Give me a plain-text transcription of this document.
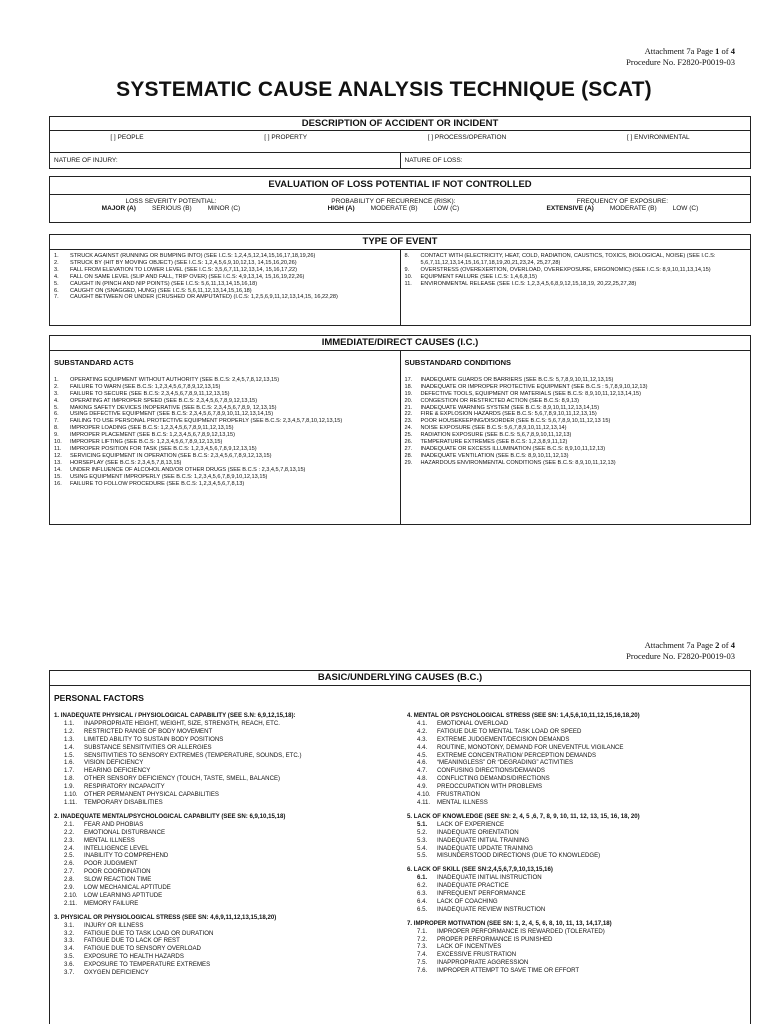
Attachment 7a Page 1 of 4
Procedure No. F2820-P0019-03
SYSTEMATIC CAUSE ANALYSIS TECHNIQUE (SCAT)
DESCRIPTION OF ACCIDENT OR INCIDENT
[ ] PEOPLE	[ ] PROPERTY	[ ] PROCESS/OPERATION	[ ] ENVIRONMENTAL
NATURE OF INJURY:	NATURE OF LOSS:
EVALUATION OF LOSS POTENTIAL IF NOT CONTROLLED
LOSS SEVERITY POTENTIAL:
MAJOR (A) SERIOUS (B) MINOR (C)
PROBABILITY OF RECURRENCE (RISK):
HIGH (A) MODERATE (B) LOW (C)
FREQUENCY OF EXPOSURE:
EXTENSIVE (A) MODERATE (B) LOW (C)
TYPE OF EVENT
1.	STRUCK AGAINST (RUNNING OR BUMPING INTO) (SEE I.C.S: 1,2,4,5,12,14,15,16,17,18,19,26)
2.	STRUCK BY (HIT BY MOVING OBJECT) (SEE I.C.S: 1,2,4,5,6,9,10,12,13, 14,15,16,20,26)
3.	FALL FROM ELEVATION TO LOWER LEVEL (SEE I.C.S: 3,5,6,7,11,12,13,14, 15,16,17,22)
4.	FALL ON SAME LEVEL (SLIP AND FALL, TRIP OVER) (SEE I.C.S: 4,9,13,14, 15,16,19,22,26)
5.	CAUGHT IN (PINCH AND NIP POINTS) (SEE I.C.S: 5,6,11,13,14,15,16,18)
6.	CAUGHT ON (SNAGGED, HUNG) (SEE I.C.S: 5,6,11,12,13,14,15,16,18)
7.	CAUGHT BETWEEN OR UNDER (CRUSHED OR AMPUTATED) (I.C.S: 1,2,5,6,9,11,12,13,14,15, 16,22,28)
8.	CONTACT WITH (ELECTRICITY, HEAT, COLD, RADIATION, CAUSTICS, TOXICS, BIOLOGICAL, NOISE) (SEE I.C.S: 5,6,7,11,12,13,14,15,16,17,18,19,20,21,23,24, 25,27,28)
9.	OVERSTRESS (OVEREXERTION, OVERLOAD, OVEREXPOSURE, ERGONOMIC) (SEE I.C.S: 8,9,10,11,13,14,15)
10.	EQUIPMENT FAILURE (SEE I.C.S: 1,4,6,8,15)
11.	ENVIRONMENTAL RELEASE (SEE I.C.S: 1,2,3,4,5,6,8,9,12,15,18,19, 20,22,25,27,28)
IMMEDIATE/DIRECT CAUSES (I.C.)
SUBSTANDARD ACTS
1.	OPERATING EQUIPMENT WITHOUT AUTHORITY (SEE B.C.S: 2,4,5,7,8,12,13,15)
2.	FAILURE TO WARN (SEE B.C.S: 1,2,3,4,5,6,7,8,9,12,13,15)
3.	FAILURE TO SECURE (SEE B.C.S: 2,3,4,5,6,7,8,9,11,12,13,15)
4.	OPERATING AT IMPROPER SPEED (SEE B.C.S: 2,3,4,5,6,7,8,9,12,13,15)
5.	MAKING SAFETY DEVICES INOPERATIVE (SEE B.C.S: 2,3,4,5,6,7,8,9, 12,13,15)
6.	USING DEFECTIVE EQUIPMENT (SEE B.C.S: 2,3,4,5,6,7,8,9,10,11,12,13,14,15)
7.	FAILING TO USE PERSONAL PROTECTIVE EQUIPMENT PROPERLY (SEE B.C.S: 2,3,4,5,7,8,10,12,13,15)
8.	IMPROPER LOADING (SEE B.C.S: 1,2,3,4,5,6,7,8,9,11,12,13,15)
9.	IMPROPER PLACEMENT (SEE B.C.S: 1,2,3,4,5,6,7,8,9,12,13,15)
10.	IMPROPER LIFTING (SEE B.C.S: 1,2,3,4,5,6,7,8,9,12,13,15)
11.	IMPROPER POSITION FOR TASK (SEE B.C.S: 1,2,3,4,5,6,7,8,9,12,13,15)
12.	SERVICING EQUIPMENT IN OPERATION (SEE B.C.S: 2,3,4,5,6,7,8,9,12,13,15)
13.	HORSEPLAY (SEE B.C.S: 2,3,4,5,7,8,13,15)
14.	UNDER INFLUENCE OF ALCOHOL AND/OR OTHER DRUGS (SEE B.C.S : 2,3,4,5,7,8,13,15)
15.	USING EQUIPMENT IMPROPERLY (SEE B.C.S: 1,2,3,4,5,6,7,8,9,10,12,13,15)
16.	FAILURE TO FOLLOW PROCEDURE (SEE B.C.S: 1,2,3,4,5,6,7,8,13)
SUBSTANDARD CONDITIONS
17.	INADEQUATE GUARDS OR BARRIERS (SEE B.C.S: 5,7,8,9,10,11,12,13,15)
18.	INADEQUATE OR IMPROPER PROTECTIVE EQUIPMENT (SEE B.C.S : 5,7,8,9,10,12,13)
19.	DEFECTIVE TOOLS, EQUIPMENT OR MATERIALS (SEE B.C.S: 8,9,10,11,12,13,14,15)
20.	CONGESTION OR RESTRICTED ACTION (SEE B.C.S: 8,9,13)
21.	INADEQUATE WARNING SYSTEM (SEE B.C.S: 8,9,10,11,12,13,14,15)
22.	FIRE & EXPLOSION HAZARDS (SEE B.C.S: 5,6,7,8,9,10,11,12,13,15)
23.	POOR HOUSEKEEPING/DISORDER (SEE B.C.S: 5,6,7,8,9,10,11,12,13 15)
24.	NOISE EXPOSURE (SEE B.C.S: 5,6,7,8,9,10,11,12,13,14)
25.	RADIATION EXPOSURE (SEE B.C.S: 5,6,7,8,9,10,11,12,13)
26.	TEMPERATURE EXTREMES (SEE B.C.S: 1,2,3,8,9,11,12)
27.	INADEQUATE OR EXCESS ILLUMINATION (SEE B.C.S: 8,9,10,11,12,13)
28.	INADEQUATE VENTILATION (SEE B.C.S: 8,9,10,11,12,13)
29.	HAZARDOUS ENVIRONMENTAL CONDITIONS (SEE B.C.S: 8,9,10,11,12,13)
Attachment 7a Page 2 of 4
Procedure No. F2820-P0019-03
BASIC/UNDERLYING CAUSES (B.C.)
PERSONAL FACTORS
1. INADEQUATE PHYSICAL / PHYSIOLOGICAL CAPABILITY (SEE S.N: 6,9,12,15,18):
1.1.	INAPPROPRIATE HEIGHT, WEIGHT, SIZE, STRENGTH, REACH, ETC.
1.2.	RESTRICTED RANGE OF BODY MOVEMENT
1.3.	LIMITED ABILITY TO SUSTAIN BODY POSITIONS
1.4.	SUBSTANCE SENSITIVITIES OR ALLERGIES
1.5.	SENSITIVITIES TO SENSORY EXTREMES (TEMPERATURE, SOUNDS, ETC.)
1.6.	VISION DEFICIENCY
1.7.	HEARING DEFICIENCY
1.8.	OTHER SENSORY DEFICIENCY (TOUCH, TASTE, SMELL, BALANCE)
1.9.	RESPIRATORY INCAPACITY
1.10.	OTHER PERMANENT PHYSICAL CAPABILITIES
1.11.	TEMPORARY DISABILITIES
2. INADEQUATE MENTAL/PSYCHOLOGICAL CAPABILITY (SEE SN: 6,9,10,15,18)
2.1.	FEAR AND PHOBIAS
2.2.	EMOTIONAL DISTURBANCE
2.3.	MENTAL ILLNESS
2.4.	INTELLIGENCE LEVEL
2.5.	INABILITY TO COMPREHEND
2.6.	POOR JUDGMENT
2.7.	POOR COORDINATION
2.8.	SLOW REACTION TIME
2.9.	LOW MECHANICAL APTITUDE
2.10.	LOW LEARNING APTITUDE
2.11.	MEMORY FAILURE
3. PHYSICAL OR PHYSIOLOGICAL STRESS (SEE SN: 4,6,9,11,12,13,15,18,20)
3.1.	INJURY OR ILLNESS
3.2.	FATIGUE DUE TO TASK LOAD OR DURATION
3.3.	FATIGUE DUE TO LACK OF REST
3.4.	FATIGUE DUE TO SENSORY OVERLOAD
3.5.	EXPOSURE TO HEALTH HAZARDS
3.6.	EXPOSURE TO TEMPERATURE EXTREMES
3.7.	OXYGEN DEFICIENCY
4. MENTAL OR PSYCHOLOGICAL STRESS (SEE SN: 1,4,5,6,10,11,12,15,16,18,20)
4.1.	EMOTIONAL OVERLOAD
4.2.	FATIGUE DUE TO MENTAL TASK LOAD OR SPEED
4.3.	EXTREME JUDGEMENT/DECISION DEMANDS
4.4.	ROUTINE, MONOTONY, DEMAND FOR UNEVENTFUL VIGILANCE
4.5.	EXTREME CONCENTRATION/ PERCEPTION DEMANDS
4.6.	“MEANINGLESS” OR “DEGRADING” ACTIVITIES
4.7.	CONFUSING DIRECTIONS/DEMANDS
4.8.	CONFLICTING DEMANDS/DIRECTIONS
4.9.	PREOCCUPATION WITH PROBLEMS
4.10.	FRUSTRATION
4.11.	MENTAL ILLNESS
5. LACK OF KNOWLEDGE (SEE SN: 2, 4, 5 ,6, 7, 8, 9, 10, 11, 12, 13, 15, 16, 18, 20)
5.1.	LACK OF EXPERIENCE
5.2.	INADEQUATE ORIENTATION
5.3.	INADEQUATE INITIAL TRAINING
5.4.	INADEQUATE UPDATE TRAINING
5.5.	MISUNDERSTOOD DIRECTIONS (DUE TO KNOWLEDGE)
6. LACK OF SKILL (SEE SN:2,4,5,6,7,9,10,13,15,16)
6.1.	INADEQUATE INITIAL INSTRUCTION
6.2.	INADEQUATE PRACTICE
6.3.	INFREQUENT PERFORMANCE
6.4.	LACK OF COACHING
6.5.	INADEQUATE REVIEW INSTRUCTION
7. IMPROPER MOTIVATION (SEE SN: 1, 2, 4, 5, 6, 8, 10, 11, 13, 14,17,18)
7.1.	IMPROPER PERFORMANCE IS REWARDED (TOLERATED)
7.2.	PROPER PERFORMANCE IS PUNISHED
7.3.	LACK OF INCENTIVES
7.4.	EXCESSIVE FRUSTRATION
7.5.	INAPPROPRIATE AGGRESSION
7.6.	IMPROPER ATTEMPT TO SAVE TIME OR EFFORT
